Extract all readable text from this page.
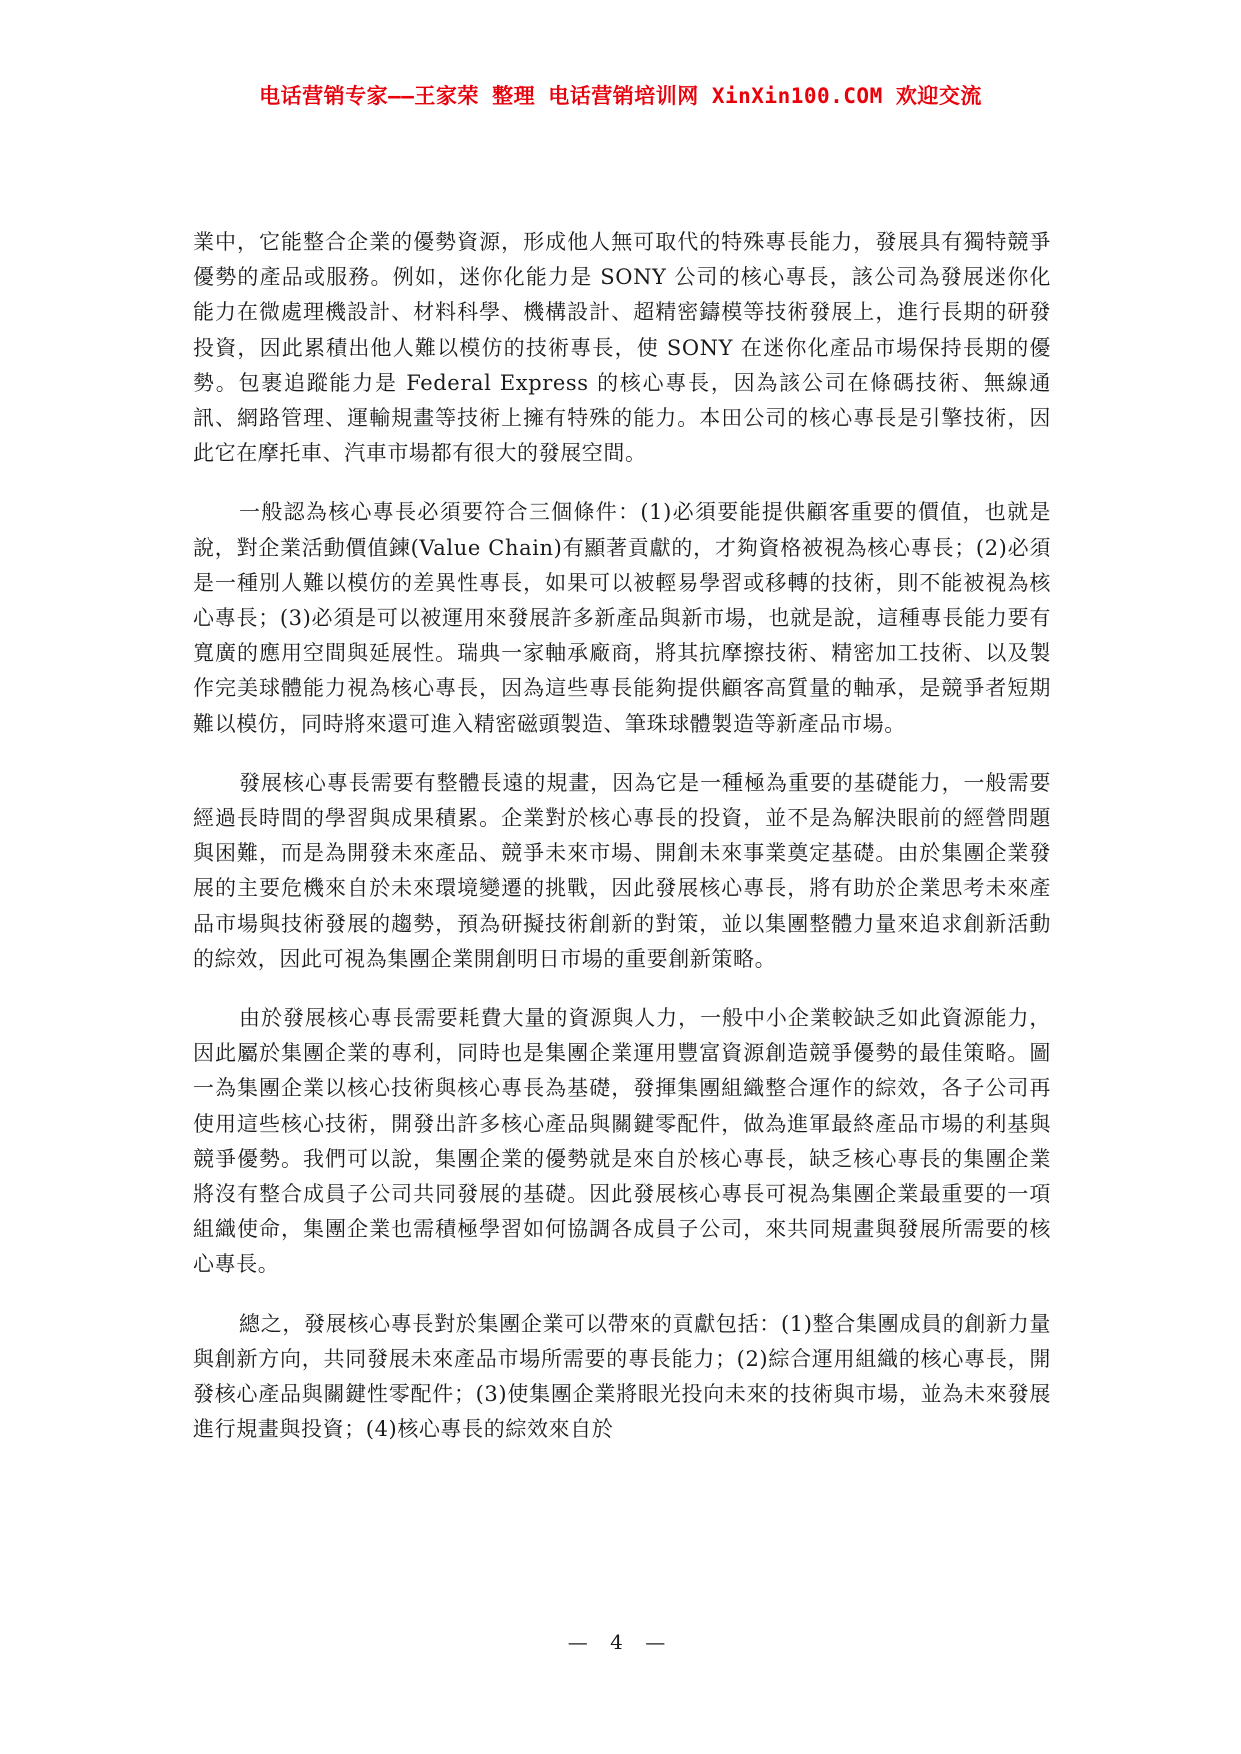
电话营销专家——王家荣 整理 电话营销培训网 XinXin100.COM 欢迎交流

業中，它能整合企業的優勢資源，形成他人無可取代的特殊專長能力，發展具有獨特競爭優勢的產品或服務。例如，迷你化能力是 SONY 公司的核心專長，該公司為發展迷你化能力在微處理機設計、材料科學、機構設計、超精密鑄模等技術發展上，進行長期的研發投資，因此累積出他人難以模仿的技術專長，使 SONY 在迷你化產品市場保持長期的優勢。包裹追蹤能力是 Federal Express 的核心專長，因為該公司在條碼技術、無線通訊、網路管理、運輸規畫等技術上擁有特殊的能力。本田公司的核心專長是引擎技術，因此它在摩托車、汽車市場都有很大的發展空間。

一般認為核心專長必須要符合三個條件：(1)必須要能提供顧客重要的價值，也就是說，對企業活動價值鍊(Value Chain)有顯著貢獻的，才夠資格被視為核心專長；(2)必須是一種別人難以模仿的差異性專長，如果可以被輕易學習或移轉的技術，則不能被視為核心專長；(3)必須是可以被運用來發展許多新產品與新市場，也就是說，這種專長能力要有寬廣的應用空間與延展性。瑞典一家軸承廠商，將其抗摩擦技術、精密加工技術、以及製作完美球體能力視為核心專長，因為這些專長能夠提供顧客高質量的軸承，是競爭者短期難以模仿，同時將來還可進入精密磁頭製造、筆珠球體製造等新產品市場。

發展核心專長需要有整體長遠的規畫，因為它是一種極為重要的基礎能力，一般需要經過長時間的學習與成果積累。企業對於核心專長的投資，並不是為解決眼前的經營問題與困難，而是為開發未來產品、競爭未來市場、開創未來事業奠定基礎。由於集團企業發展的主要危機來自於未來環境變遷的挑戰，因此發展核心專長，將有助於企業思考未來產品市場與技術發展的趨勢，預為研擬技術創新的對策，並以集團整體力量來追求創新活動的綜效，因此可視為集團企業開創明日市場的重要創新策略。

由於發展核心專長需要耗費大量的資源與人力，一般中小企業較缺乏如此資源能力，因此屬於集團企業的專利，同時也是集團企業運用豐富資源創造競爭優勢的最佳策略。圖一為集團企業以核心技術與核心專長為基礎，發揮集團組織整合運作的綜效，各子公司再使用這些核心技術，開發出許多核心產品與關鍵零配件，做為進軍最終產品市場的利基與競爭優勢。我們可以說，集團企業的優勢就是來自於核心專長，缺乏核心專長的集團企業將沒有整合成員子公司共同發展的基礎。因此發展核心專長可視為集團企業最重要的一項組織使命，集團企業也需積極學習如何協調各成員子公司，來共同規畫與發展所需要的核心專長。

總之，發展核心專長對於集團企業可以帶來的貢獻包括：(1)整合集團成員的創新力量與創新方向，共同發展未來產品市場所需要的專長能力；(2)綜合運用組織的核心專長，開發核心產品與關鍵性零配件；(3)使集團企業將眼光投向未來的技術與市場，並為未來發展進行規畫與投資；(4)核心專長的綜效來自於

— 4 —
